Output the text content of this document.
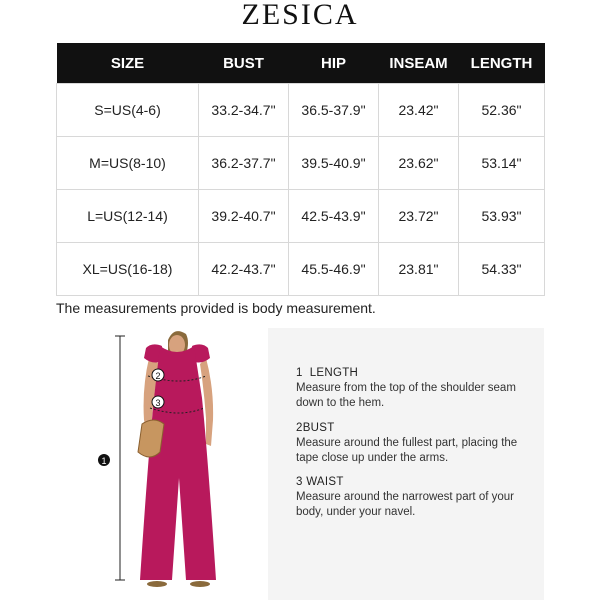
ZESICA
SIZE	BUST	HIP	INSEAM	LENGTH
S=US(4-6)	33.2-34.7"	36.5-37.9"	23.42"	52.36"
M=US(8-10)	36.2-37.7"	39.5-40.9"	23.62"	53.14"
L=US(12-14)	39.2-40.7"	42.5-43.9"	23.72"	53.93"
XL=US(16-18)	42.2-43.7"	45.5-46.9"	23.81"	54.33"
The measurements provided is body measurement.
1
2
3
1 LENGTH
Measure from the top of the shoulder seam down to the hem.
2BUST
Measure around the fullest part, placing the tape close up under the arms.
3 WAIST
Measure around the narrowest part of your body, under your navel.
